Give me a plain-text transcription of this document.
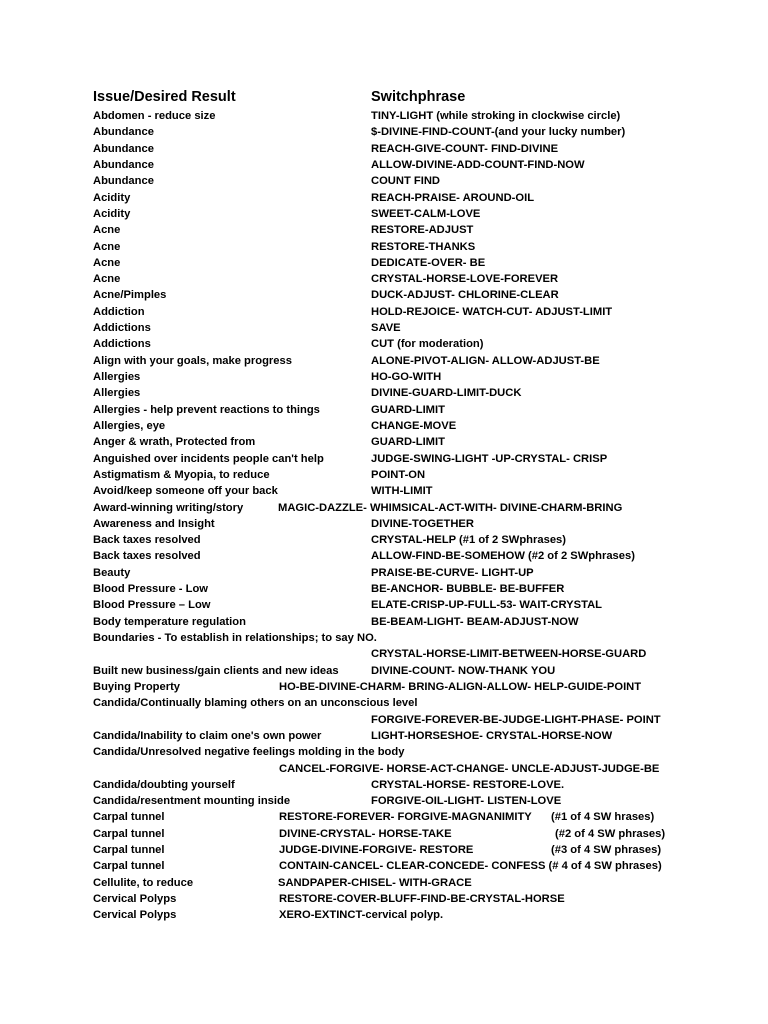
Issue/Desired Result	Switchphrase
Abdomen - reduce size	TINY-LIGHT (while stroking in clockwise circle)
Abundance	$-DIVINE-FIND-COUNT-(and your lucky number)
Abundance	REACH-GIVE-COUNT- FIND-DIVINE
Abundance	ALLOW-DIVINE-ADD-COUNT-FIND-NOW
Abundance	COUNT FIND
Acidity	REACH-PRAISE- AROUND-OIL
Acidity	SWEET-CALM-LOVE
Acne	RESTORE-ADJUST
Acne	RESTORE-THANKS
Acne	DEDICATE-OVER- BE
Acne	CRYSTAL-HORSE-LOVE-FOREVER
Acne/Pimples	DUCK-ADJUST- CHLORINE-CLEAR
Addiction	HOLD-REJOICE- WATCH-CUT- ADJUST-LIMIT
Addictions	SAVE
Addictions	CUT (for moderation)
Align with your goals, make progress	ALONE-PIVOT-ALIGN- ALLOW-ADJUST-BE
Allergies	HO-GO-WITH
Allergies	DIVINE-GUARD-LIMIT-DUCK
Allergies - help prevent reactions to things	GUARD-LIMIT
Allergies, eye	CHANGE-MOVE
Anger & wrath, Protected from	GUARD-LIMIT
Anguished over incidents people can't help	JUDGE-SWING-LIGHT -UP-CRYSTAL- CRISP
Astigmatism & Myopia, to reduce	POINT-ON
Avoid/keep someone off your back	WITH-LIMIT
Award-winning writing/story	MAGIC-DAZZLE- WHIMSICAL-ACT-WITH- DIVINE-CHARM-BRING
Awareness and Insight	DIVINE-TOGETHER
Back taxes resolved	CRYSTAL-HELP (#1 of 2 SWphrases)
Back taxes resolved	ALLOW-FIND-BE-SOMEHOW (#2 of 2 SWphrases)
Beauty	PRAISE-BE-CURVE- LIGHT-UP
Blood Pressure - Low	BE-ANCHOR- BUBBLE- BE-BUFFER
Blood Pressure – Low	ELATE-CRISP-UP-FULL-53- WAIT-CRYSTAL
Body temperature regulation	BE-BEAM-LIGHT- BEAM-ADJUST-NOW
Boundaries - To establish in relationships; to say NO.
CRYSTAL-HORSE-LIMIT-BETWEEN-HORSE-GUARD
Built new business/gain clients and new ideas	DIVINE-COUNT- NOW-THANK YOU
Buying Property	HO-BE-DIVINE-CHARM- BRING-ALIGN-ALLOW- HELP-GUIDE-POINT
Candida/Continually blaming others on an unconscious level
FORGIVE-FOREVER-BE-JUDGE-LIGHT-PHASE- POINT
Candida/Inability to claim one's own power	LIGHT-HORSESHOE- CRYSTAL-HORSE-NOW
Candida/Unresolved negative feelings molding in the body
CANCEL-FORGIVE- HORSE-ACT-CHANGE- UNCLE-ADJUST-JUDGE-BE
Candida/doubting yourself	CRYSTAL-HORSE- RESTORE-LOVE.
Candida/resentment mounting inside	FORGIVE-OIL-LIGHT- LISTEN-LOVE
Carpal tunnel	RESTORE-FOREVER- FORGIVE-MAGNANIMITY (#1 of 4 SW hrases)
Carpal tunnel	DIVINE-CRYSTAL- HORSE-TAKE	(#2 of 4 SW phrases)
Carpal tunnel	JUDGE-DIVINE-FORGIVE- RESTORE	(#3 of 4 SW phrases)
Carpal tunnel	CONTAIN-CANCEL- CLEAR-CONCEDE- CONFESS (# 4 of 4 SW phrases)
Cellulite, to reduce	SANDPAPER-CHISEL- WITH-GRACE
Cervical Polyps	RESTORE-COVER-BLUFF-FIND-BE-CRYSTAL-HORSE
Cervical Polyps	XERO-EXTINCT-cervical polyp.
